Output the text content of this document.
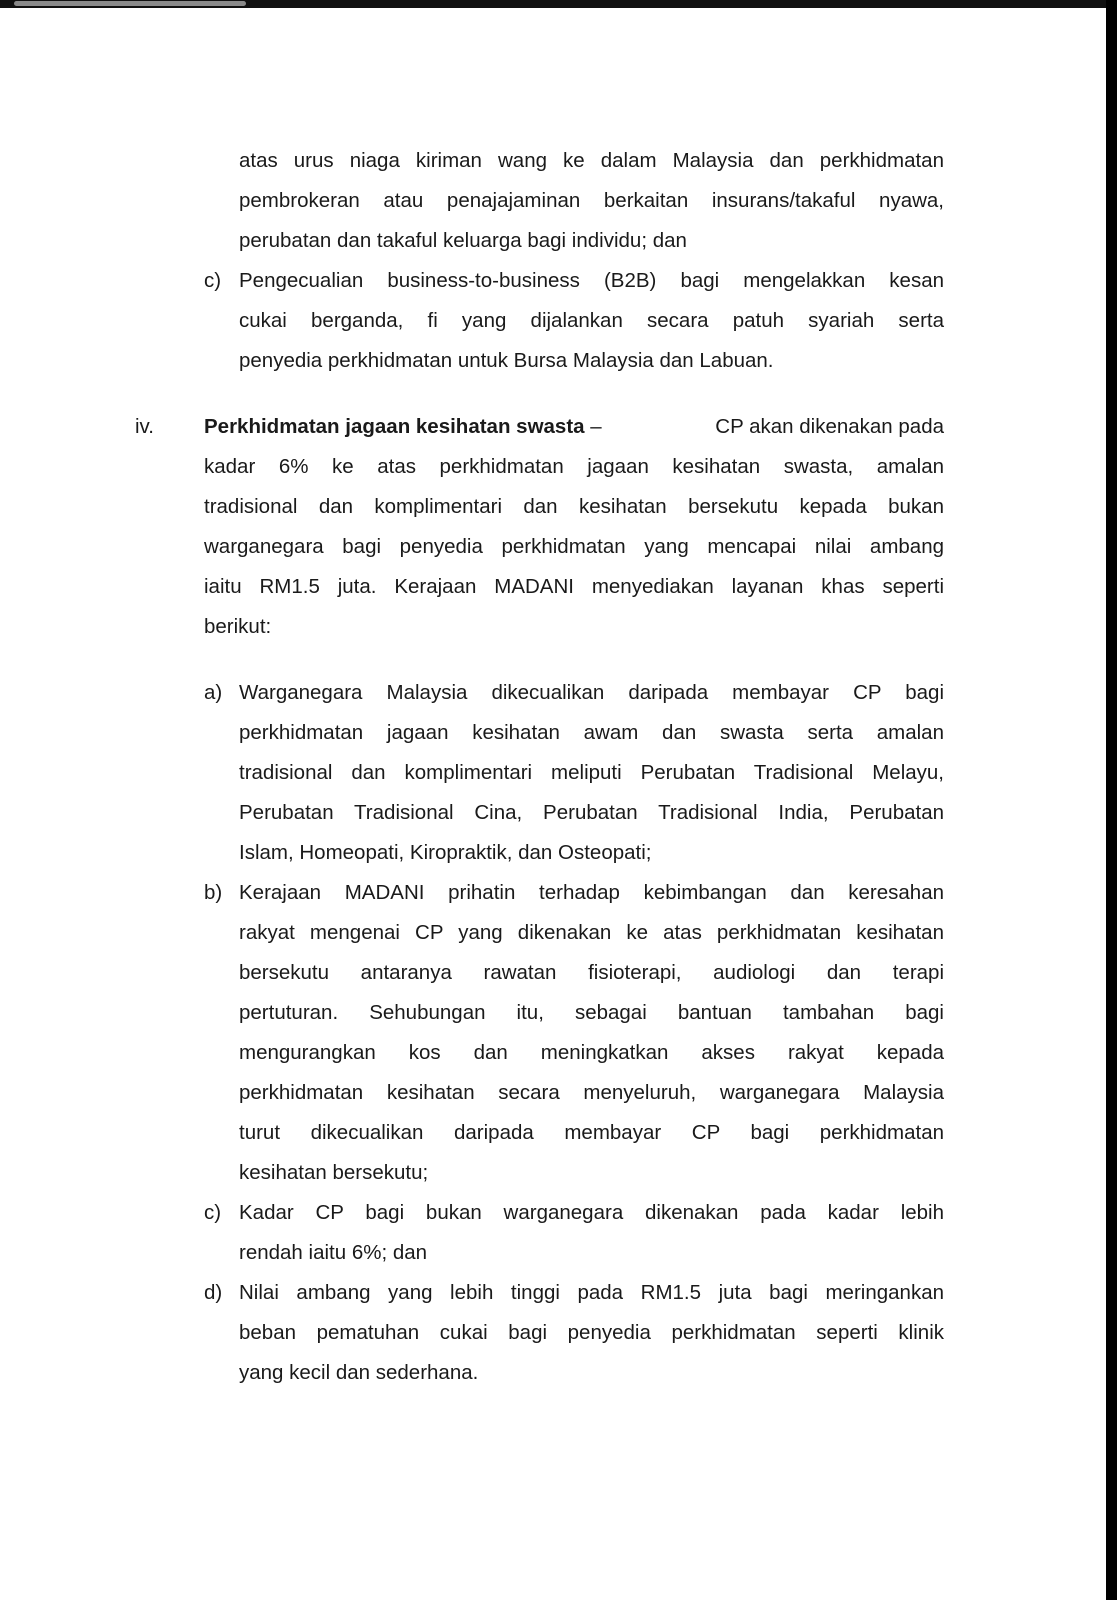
atas urus niaga kiriman wang ke dalam Malaysia dan perkhidmatan
pembrokeran atau penajajaminan berkaitan insurans/takaful nyawa,
perubatan dan takaful keluarga bagi individu; dan
c) Pengecualian business-to-business (B2B) bagi mengelakkan kesan
cukai berganda, fi yang dijalankan secara patuh syariah serta
penyedia perkhidmatan untuk Bursa Malaysia dan Labuan.
iv. Perkhidmatan jagaan kesihatan swasta –	CP akan dikenakan pada
kadar 6% ke atas perkhidmatan jagaan kesihatan swasta, amalan
tradisional dan komplimentari dan kesihatan bersekutu kepada bukan
warganegara bagi penyedia perkhidmatan yang mencapai nilai ambang
iaitu RM1.5 juta. Kerajaan MADANI menyediakan layanan khas seperti
berikut:
a) Warganegara Malaysia dikecualikan daripada membayar CP bagi
perkhidmatan jagaan kesihatan awam dan swasta serta amalan
tradisional dan komplimentari meliputi Perubatan Tradisional Melayu,
Perubatan Tradisional Cina, Perubatan Tradisional India, Perubatan
Islam, Homeopati, Kiropraktik, dan Osteopati;
b) Kerajaan MADANI prihatin terhadap kebimbangan dan keresahan
rakyat mengenai CP yang dikenakan ke atas perkhidmatan kesihatan
bersekutu antaranya rawatan fisioterapi, audiologi dan terapi
pertuturan. Sehubungan itu, sebagai bantuan tambahan bagi
mengurangkan kos dan meningkatkan akses rakyat kepada
perkhidmatan kesihatan secara menyeluruh, warganegara Malaysia
turut dikecualikan daripada membayar CP bagi perkhidmatan
kesihatan bersekutu;
c) Kadar CP bagi bukan warganegara dikenakan pada kadar lebih
rendah iaitu 6%; dan
d) Nilai ambang yang lebih tinggi pada RM1.5 juta bagi meringankan
beban pematuhan cukai bagi penyedia perkhidmatan seperti klinik
yang kecil dan sederhana.
